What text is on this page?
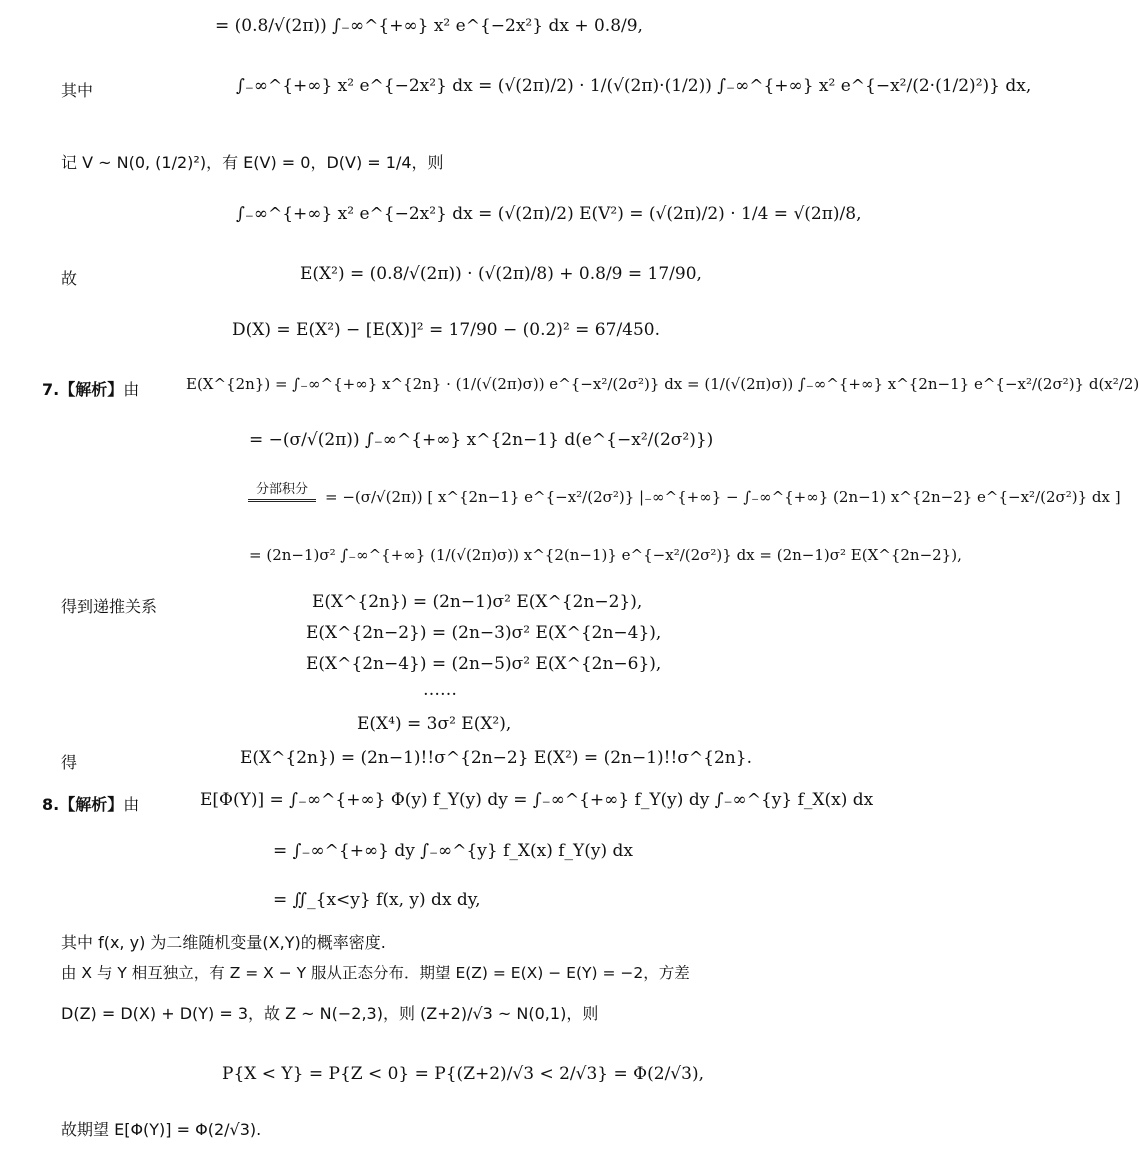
= (0.8/√(2π)) ∫₋∞^{+∞} x² e^{−2x²} dx + 0.8/9,
其中	∫₋∞^{+∞} x² e^{−2x²} dx = (√(2π)/2) · 1/(√(2π)·(1/2)) ∫₋∞^{+∞} x² e^{−x²/(2·(1/2)²)} dx,
记 V ~ N(0, (1/2)²)，有 E(V) = 0，D(V) = 1/4，则
∫₋∞^{+∞} x² e^{−2x²} dx = (√(2π)/2) E(V²) = (√(2π)/2) · 1/4 = √(2π)/8,
故	E(X²) = (0.8/√(2π)) · (√(2π)/8) + 0.8/9 = 17/90,
D(X) = E(X²) − [E(X)]² = 17/90 − (0.2)² = 67/450.
7.【解析】由	E(X^{2n}) = ∫₋∞^{+∞} x^{2n} · (1/(√(2π)σ)) e^{−x²/(2σ²)} dx = (1/(√(2π)σ)) ∫₋∞^{+∞} x^{2n−1} e^{−x²/(2σ²)} d(x²/2)
= −(σ/√(2π)) ∫₋∞^{+∞} x^{2n−1} d(e^{−x²/(2σ²)})
分部积分	= −(σ/√(2π)) [ x^{2n−1} e^{−x²/(2σ²)} |₋∞^{+∞} − ∫₋∞^{+∞} (2n−1) x^{2n−2} e^{−x²/(2σ²)} dx ]
= (2n−1)σ² ∫₋∞^{+∞} (1/(√(2π)σ)) x^{2(n−1)} e^{−x²/(2σ²)} dx = (2n−1)σ² E(X^{2n−2}),
得到递推关系	E(X^{2n}) = (2n−1)σ² E(X^{2n−2}),
E(X^{2n−2}) = (2n−3)σ² E(X^{2n−4}),
E(X^{2n−4}) = (2n−5)σ² E(X^{2n−6}),
……
E(X⁴) = 3σ² E(X²),
得	E(X^{2n}) = (2n−1)!!σ^{2n−2} E(X²) = (2n−1)!!σ^{2n}.
8.【解析】由	E[Φ(Y)] = ∫₋∞^{+∞} Φ(y) f_Y(y) dy = ∫₋∞^{+∞} f_Y(y) dy ∫₋∞^{y} f_X(x) dx
= ∫₋∞^{+∞} dy ∫₋∞^{y} f_X(x) f_Y(y) dx
= ∬_{x<y} f(x, y) dx dy,
其中 f(x, y) 为二维随机变量(X,Y)的概率密度.
由 X 与 Y 相互独立，有 Z = X − Y 服从正态分布．期望 E(Z) = E(X) − E(Y) = −2，方差
D(Z) = D(X) + D(Y) = 3，故 Z ~ N(−2,3)，则 (Z+2)/√3 ~ N(0,1)，则
P{X < Y} = P{Z < 0} = P{(Z+2)/√3 < 2/√3} = Φ(2/√3),
故期望 E[Φ(Y)] = Φ(2/√3).
